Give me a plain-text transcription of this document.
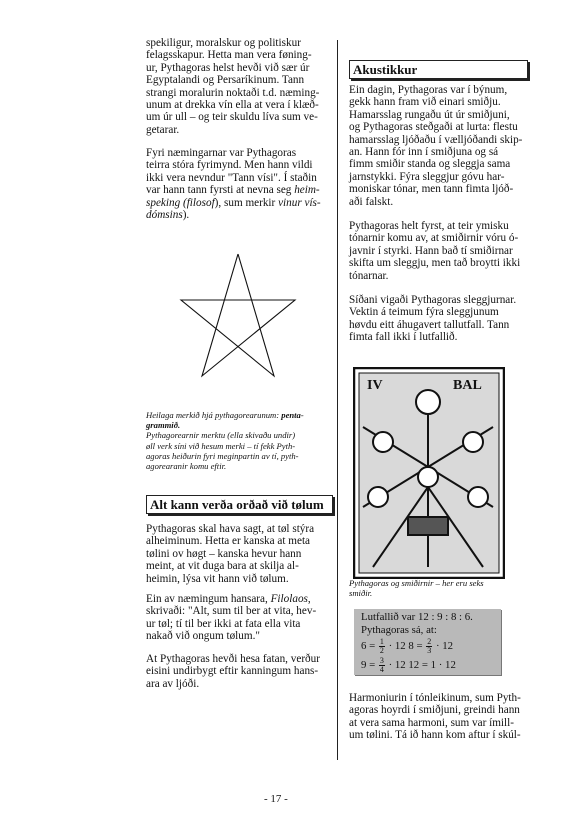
spekiligur, moralskur og politiskur
felagsskapur. Hetta man vera føning-
ur, Pythagoras helst hevði við sær úr
Egyptalandi og Persaríkinum. Tann
strangi moralurin noktaði t.d. næming-
unum at drekka vín ella at vera í klæð-
um úr ull – og teir skuldu líva sum ve-
getarar.

Fyri næmingarnar var Pythagoras
teirra stóra fyrimynd. Men hann vildi
ikki vera nevndur "Tann vísi". Í staðin
var hann tann fyrsti at nevna seg heim-
speking (filosof), sum merkir vinur vís-
dómsins).

Heilaga merkið hjá pythagorearunum: penta-
grammið.
Pythagorearnir merktu (ella skivaðu undir)
øll verk síni við hesum merki – tí fekk Pyth-
agoras heiðurin fyri meginpartin av tí, pyth-
agorearanir komu eftir.

Alt kann verða orðað við tølum

Pythagoras skal hava sagt, at tøl stýra
alheiminum. Hetta er kanska at meta
tølini ov høgt – kanska hevur hann
meint, at vit duga bara at skilja al-
heimin, lýsa vit hann við tølum.

Ein av næmingum hansara, Filolaos,
skrivaði: "Alt, sum til ber at vita, hev-
ur tøl; tí til ber ikki at fata ella vita
nakað við ongum tølum."

At Pythagoras hevði hesa fatan, verður
eisini undirbygt eftir kanningum hans-
ara av ljóði.

Akustikkur

Ein dagin, Pythagoras var í býnum,
gekk hann fram við einari smiðju.
Hamarsslag rungaðu út úr smiðjuni,
og Pythagoras steðgaði at lurta: flestu
hamarsslag ljóðaðu í vælljóðandi skip-
an. Hann fór inn í smiðjuna og sá
fimm smiðir standa og sleggja sama
jarnstykki. Fýra sleggjur góvu har-
moniskar tónar, men tann fimta ljóð-
aði falskt.

Pythagoras helt fyrst, at teir ymisku
tónarnir komu av, at smiðirnir vóru ó-
javnir í styrki. Hann bað tí smiðirnar
skifta um sleggju, men tað broytti ikki
tónarnar.

Síðani vigaði Pythagoras sleggjurnar.
Vektin á teimum fýra sleggjunum
høvdu eitt áhugavert tallutfall. Tann
fimta fall ikki í lutfallið.

IV	BAL

Pythagoras og smiðirnir – her eru seks
smiðir.

Lutfallið var 12 : 9 : 8 : 6.
Pythagoras sá, at:
$6 = \frac{1}{2} \cdot 12$ $8 = \frac{2}{3} \cdot 12$
$9 = \frac{3}{4} \cdot 12$ 12 = 1 · 12

Harmoniurin í tónleikinum, sum Pyth-
agoras hoyrdi í smiðjuni, greindi hann
at vera sama harmoni, sum var ímill-
um tølini. Tá ið hann kom aftur í skúl-

- 17 -
